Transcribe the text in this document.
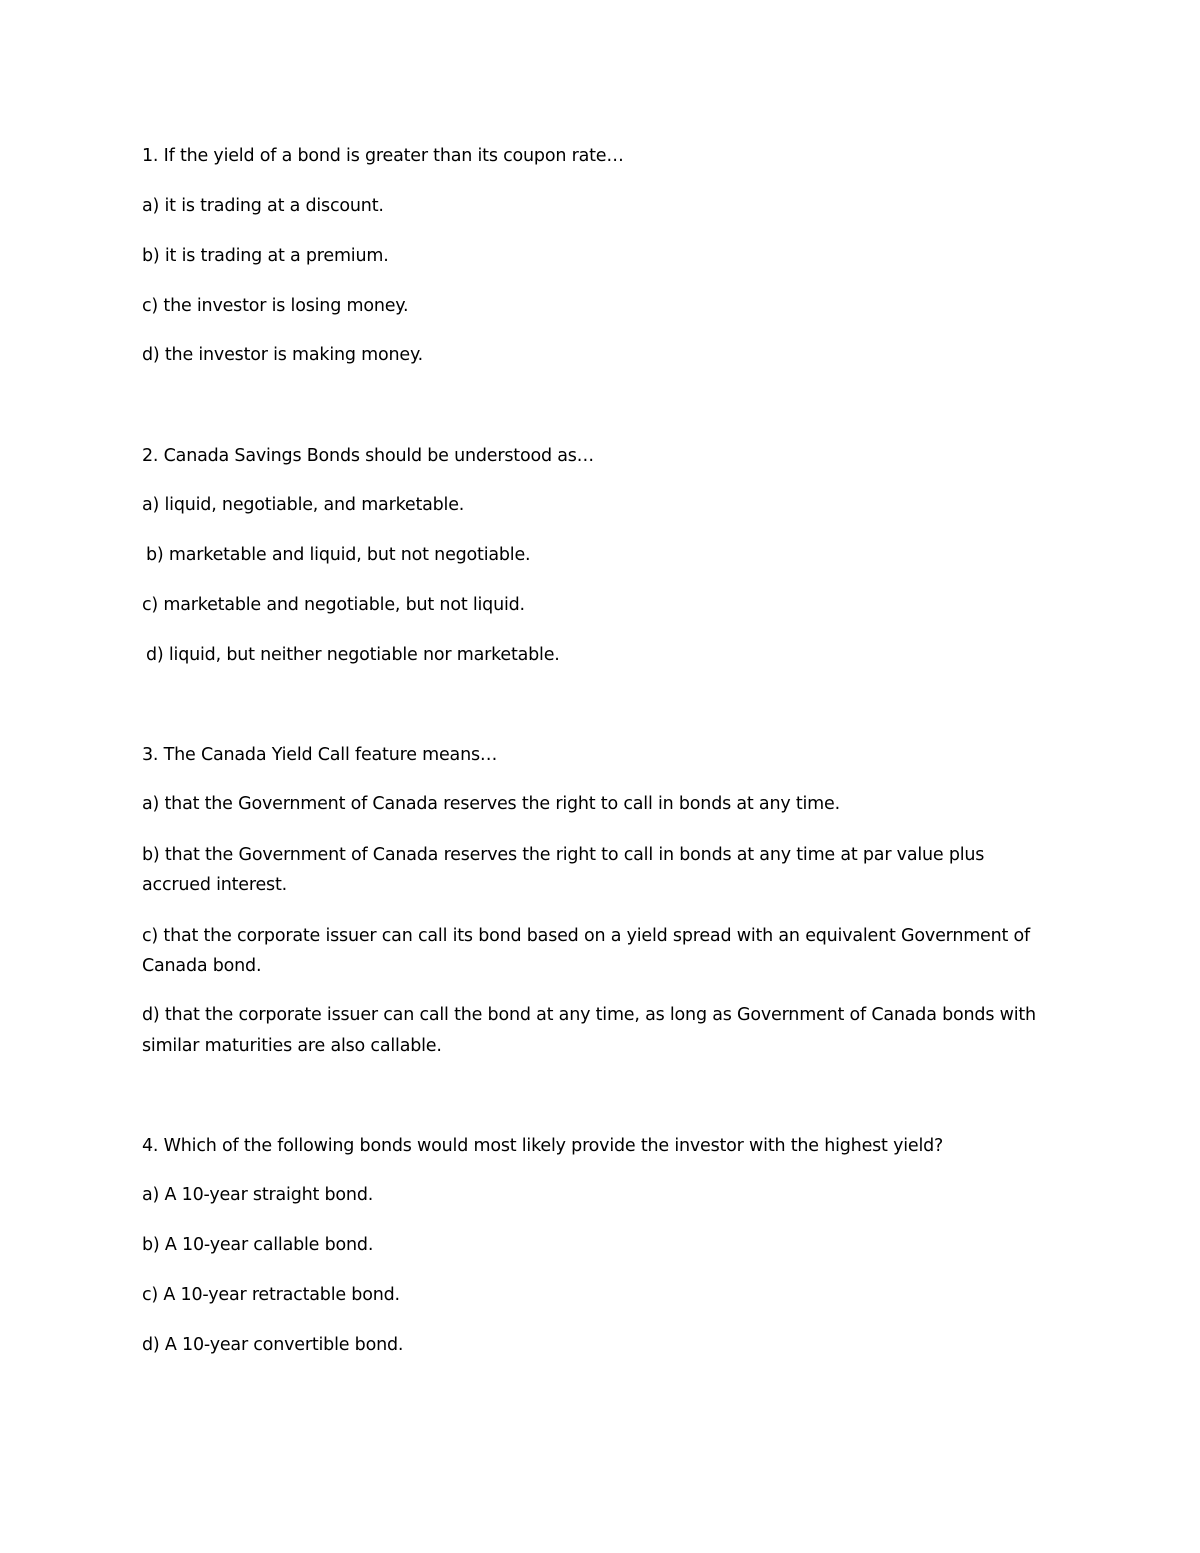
1. If the yield of a bond is greater than its coupon rate…
a) it is trading at a discount.
b) it is trading at a premium.
c) the investor is losing money.
d) the investor is making money.
2. Canada Savings Bonds should be understood as…
a) liquid, negotiable, and marketable.
b) marketable and liquid, but not negotiable.
c) marketable and negotiable, but not liquid.
d) liquid, but neither negotiable nor marketable.
3. The Canada Yield Call feature means…
a) that the Government of Canada reserves the right to call in bonds at any time.
b) that the Government of Canada reserves the right to call in bonds at any time at par value plus
accrued interest.
c) that the corporate issuer can call its bond based on a yield spread with an equivalent Government of
Canada bond.
d) that the corporate issuer can call the bond at any time, as long as Government of Canada bonds with
similar maturities are also callable.
4. Which of the following bonds would most likely provide the investor with the highest yield?
a) A 10-year straight bond.
b) A 10-year callable bond.
c) A 10-year retractable bond.
d) A 10-year convertible bond.
